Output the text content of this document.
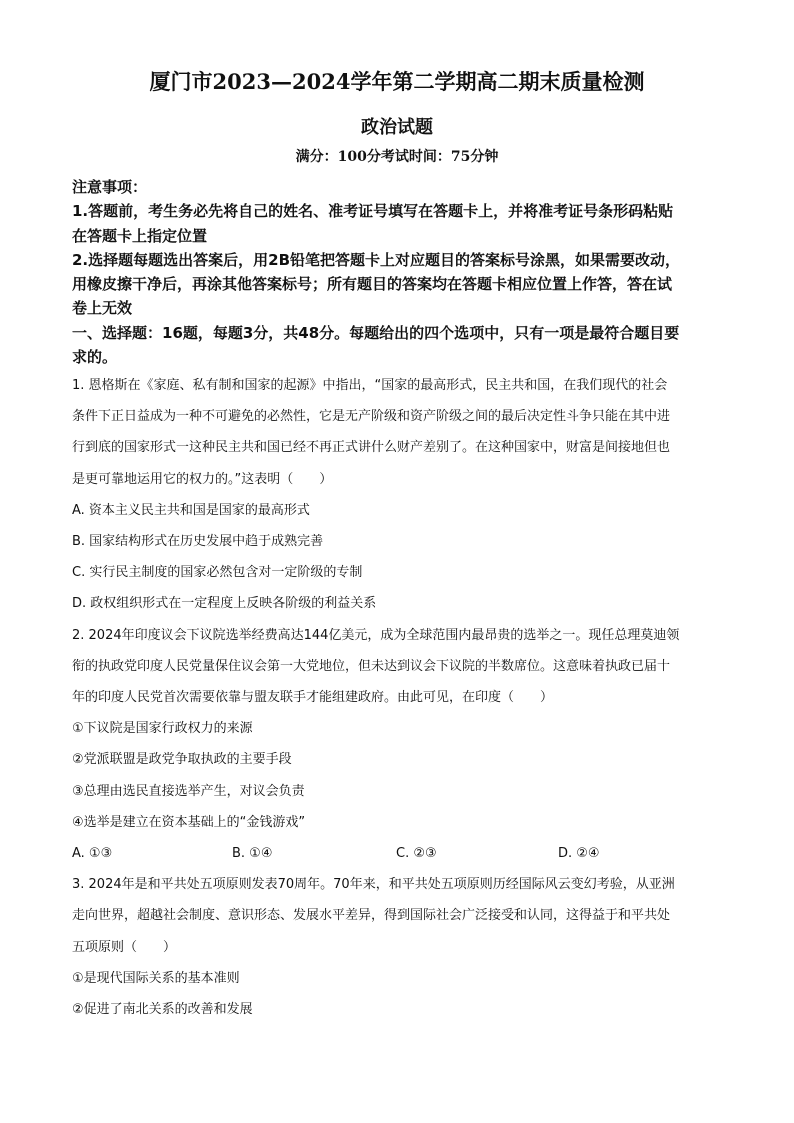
厦门市2023—2024学年第二学期高二期末质量检测
政治试题
满分：100分考试时间：75分钟
注意事项：
1.答题前，考生务必先将自己的姓名、准考证号填写在答题卡上，并将准考证号条形码粘贴
在答题卡上指定位置
2.选择题每题选出答案后，用2B铅笔把答题卡上对应题目的答案标号涂黑，如果需要改动，
用橡皮擦干净后，再涂其他答案标号；所有题目的答案均在答题卡相应位置上作答，答在试
卷上无效
一、选择题：16题，每题3分，共48分。每题给出的四个选项中，只有一项是最符合题目要
求的。
1. 恩格斯在《家庭、私有制和国家的起源》中指出，“国家的最高形式，民主共和国，在我们现代的社会
条件下正日益成为一种不可避免的必然性，它是无产阶级和资产阶级之间的最后决定性斗争只能在其中进
行到底的国家形式一这种民主共和国已经不再正式讲什么财产差别了。在这种国家中，财富是间接地但也
是更可靠地运用它的权力的。”这表明（　　）
A. 资本主义民主共和国是国家的最高形式
B. 国家结构形式在历史发展中趋于成熟完善
C. 实行民主制度的国家必然包含对一定阶级的专制
D. 政权组织形式在一定程度上反映各阶级的利益关系
2. 2024年印度议会下议院选举经费高达144亿美元，成为全球范围内最昂贵的选举之一。现任总理莫迪领
衔的执政党印度人民党量保住议会第一大党地位，但未达到议会下议院的半数席位。这意味着执政已届十
年的印度人民党首次需要依靠与盟友联手才能组建政府。由此可见，在印度（　　）
①下议院是国家行政权力的来源
②党派联盟是政党争取执政的主要手段
③总理由选民直接选举产生，对议会负责
④选举是建立在资本基础上的“金钱游戏”
A. ①③	B. ①④	C. ②③	D. ②④
3. 2024年是和平共处五项原则发表70周年。70年来，和平共处五项原则历经国际风云变幻考验，从亚洲
走向世界，超越社会制度、意识形态、发展水平差异，得到国际社会广泛接受和认同，这得益于和平共处
五项原则（　　）
①是现代国际关系的基本准则
②促进了南北关系的改善和发展
